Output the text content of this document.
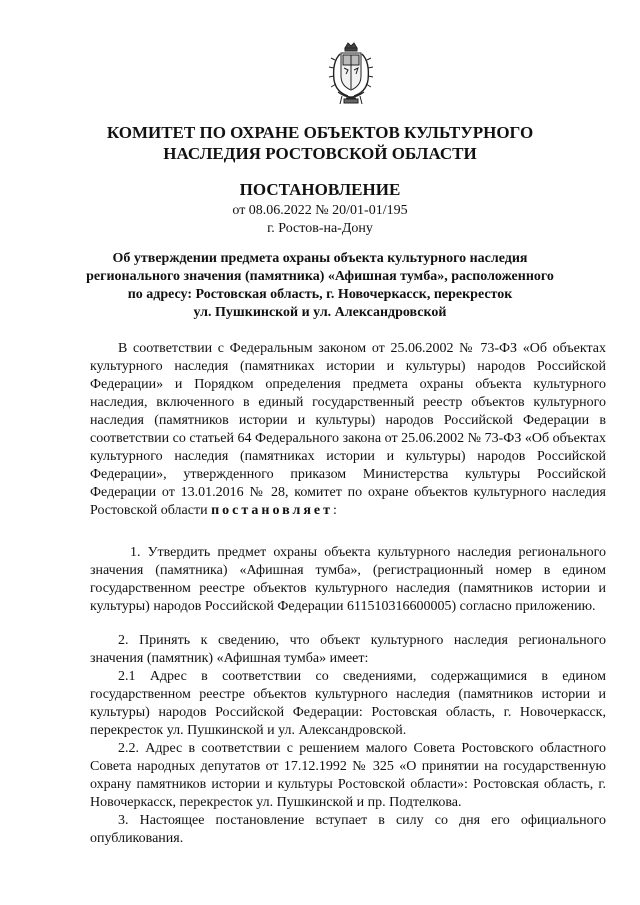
КОМИТЕТ ПО ОХРАНЕ ОБЪЕКТОВ КУЛЬТУРНОГО
НАСЛЕДИЯ РОСТОВСКОЙ ОБЛАСТИ
ПОСТАНОВЛЕНИЕ
от 08.06.2022 № 20/01-01/195
г. Ростов-на-Дону
Об утверждении предмета охраны объекта культурного наследия
регионального значения (памятника) «Афишная тумба», расположенного
по адресу: Ростовская область, г. Новочеркасск, перекресток
ул. Пушкинской и ул. Александровской

В соответствии с Федеральным законом от 25.06.2002 № 73-ФЗ «Об объектах культурного наследия (памятниках истории и культуры) народов Российской Федерации» и Порядком определения предмета охраны объекта культурного наследия, включенного в единый государственный реестр объектов культурного наследия (памятников истории и культуры) народов Российской Федерации в соответствии со статьей 64 Федерального закона от 25.06.2002 № 73-ФЗ «Об объектах культурного наследия (памятниках истории и культуры) народов Российской Федерации», утвержденного приказом Министерства культуры Российской Федерации от 13.01.2016 № 28, комитет по охране объектов культурного наследия Ростовской области постановляет:

1. Утвердить предмет охраны объекта культурного наследия регионального значения (памятника) «Афишная тумба», (регистрационный номер в едином государственном реестре объектов культурного наследия (памятников истории и культуры) народов Российской Федерации 611510316600005) согласно приложению.

2. Принять к сведению, что объект культурного наследия регионального значения (памятник) «Афишная тумба» имеет:

2.1 Адрес в соответствии со сведениями, содержащимися в едином государственном реестре объектов культурного наследия (памятников истории и культуры) народов Российской Федерации: Ростовская область, г. Новочеркасск, перекресток ул. Пушкинской и ул. Александровской.

2.2. Адрес в соответствии с решением малого Совета Ростовского областного Совета народных депутатов от 17.12.1992 № 325 «О принятии на государственную охрану памятников истории и культуры Ростовской области»: Ростовская область, г. Новочеркасск, перекресток ул. Пушкинской и пр. Подтелкова.

3. Настоящее постановление вступает в силу со дня его официального опубликования.
